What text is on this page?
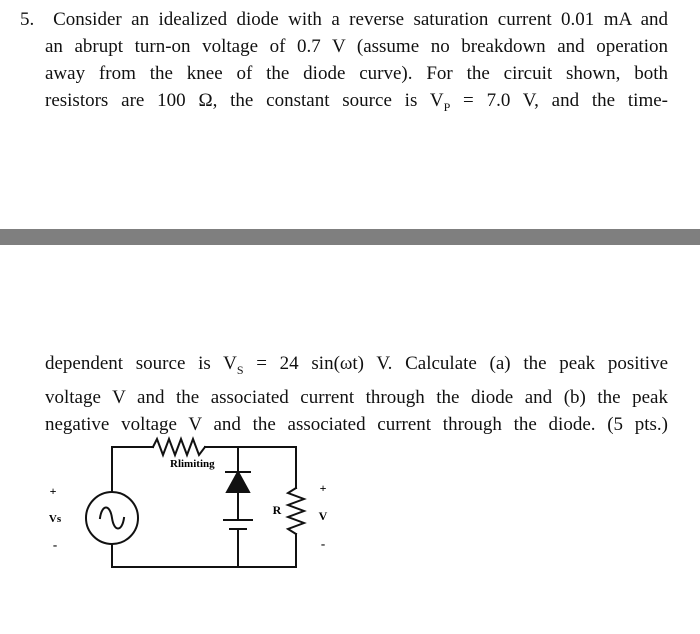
5. Consider an idealized diode with a reverse saturation current 0.01 mA and
an abrupt turn-on voltage of 0.7 V (assume no breakdown and operation
away from the knee of the diode curve). For the circuit shown, both
resistors are 100 Ω, the constant source is $V_P = 7.0$ V, and the time-
dependent source is $V_S = 24$ sin(ωt) V. Calculate (a) the peak positive
voltage V and the associated current through the diode and (b) the peak
negative voltage V and the associated current through the diode. (5 pts.)
Rlimiting
+
Vs
-
R
+
V
-
